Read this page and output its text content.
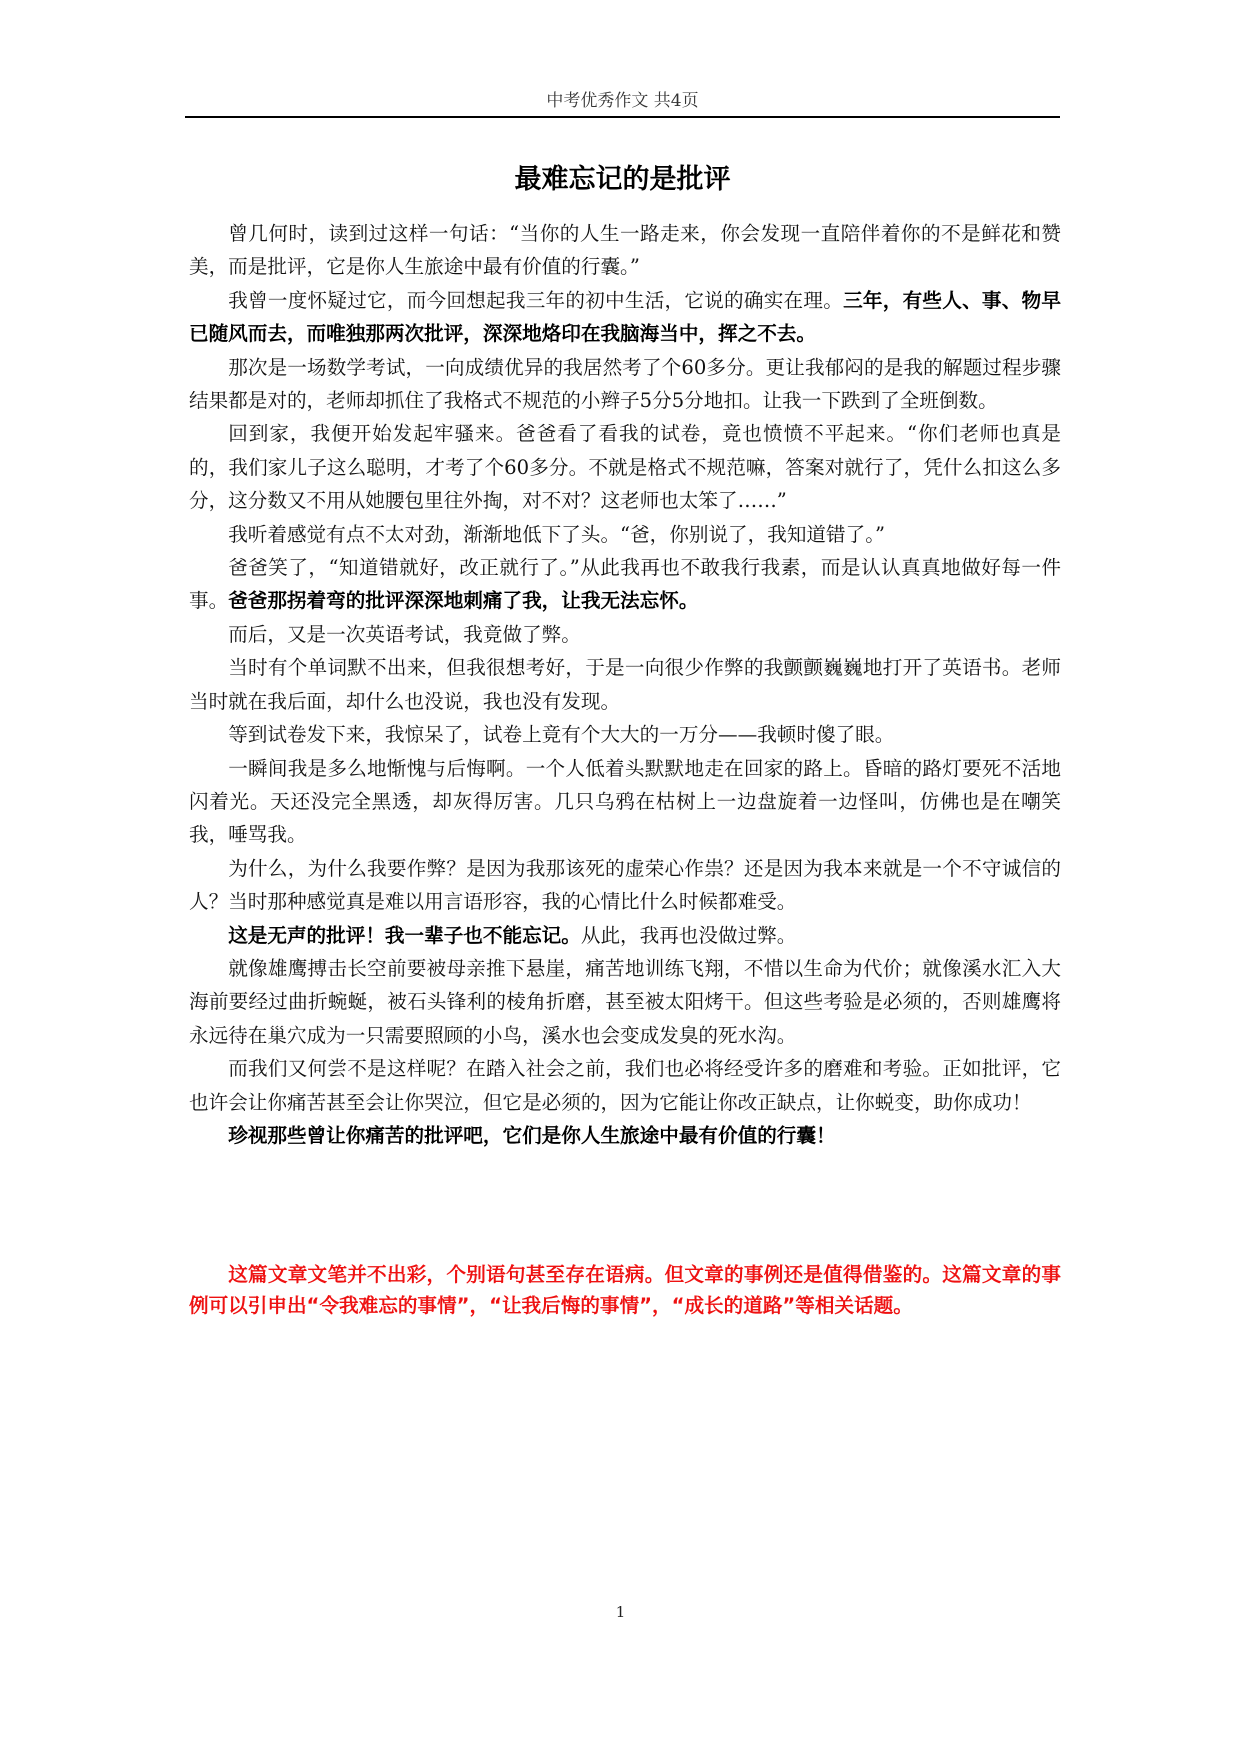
中考优秀作文 共4页
最难忘记的是批评

曾几何时，读到过这样一句话：“当你的人生一路走来，你会发现一直陪伴着你的不是鲜花和赞美，而是批评，它是你人生旅途中最有价值的行囊。”

我曾一度怀疑过它，而今回想起我三年的初中生活，它说的确实在理。三年，有些人、事、物早已随风而去，而唯独那两次批评，深深地烙印在我脑海当中，挥之不去。

那次是一场数学考试，一向成绩优异的我居然考了个60多分。更让我郁闷的是我的解题过程步骤结果都是对的，老师却抓住了我格式不规范的小辫子5分5分地扣。让我一下跌到了全班倒数。

回到家，我便开始发起牢骚来。爸爸看了看我的试卷，竟也愤愤不平起来。“你们老师也真是的，我们家儿子这么聪明，才考了个60多分。不就是格式不规范嘛，答案对就行了，凭什么扣这么多分，这分数又不用从她腰包里往外掏，对不对？这老师也太笨了……”

我听着感觉有点不太对劲，渐渐地低下了头。“爸，你别说了，我知道错了。”

爸爸笑了，“知道错就好，改正就行了。”从此我再也不敢我行我素，而是认认真真地做好每一件事。爸爸那拐着弯的批评深深地刺痛了我，让我无法忘怀。

而后，又是一次英语考试，我竟做了弊。

当时有个单词默不出来，但我很想考好，于是一向很少作弊的我颤颤巍巍地打开了英语书。老师当时就在我后面，却什么也没说，我也没有发现。

等到试卷发下来，我惊呆了，试卷上竟有个大大的一万分——我顿时傻了眼。

一瞬间我是多么地惭愧与后悔啊。一个人低着头默默地走在回家的路上。昏暗的路灯要死不活地闪着光。天还没完全黑透，却灰得厉害。几只乌鸦在枯树上一边盘旋着一边怪叫，仿佛也是在嘲笑我，唾骂我。

为什么，为什么我要作弊？是因为我那该死的虚荣心作祟？还是因为我本来就是一个不守诚信的人？当时那种感觉真是难以用言语形容，我的心情比什么时候都难受。

这是无声的批评！我一辈子也不能忘记。从此，我再也没做过弊。

就像雄鹰搏击长空前要被母亲推下悬崖，痛苦地训练飞翔，不惜以生命为代价；就像溪水汇入大海前要经过曲折蜿蜒，被石头锋利的棱角折磨，甚至被太阳烤干。但这些考验是必须的，否则雄鹰将永远待在巢穴成为一只需要照顾的小鸟，溪水也会变成发臭的死水沟。

而我们又何尝不是这样呢？在踏入社会之前，我们也必将经受许多的磨难和考验。正如批评，它也许会让你痛苦甚至会让你哭泣，但它是必须的，因为它能让你改正缺点，让你蜕变，助你成功！

珍视那些曾让你痛苦的批评吧，它们是你人生旅途中最有价值的行囊！

这篇文章文笔并不出彩，个别语句甚至存在语病。但文章的事例还是值得借鉴的。这篇文章的事例可以引申出“令我难忘的事情”，“让我后悔的事情”，“成长的道路”等相关话题。

1
